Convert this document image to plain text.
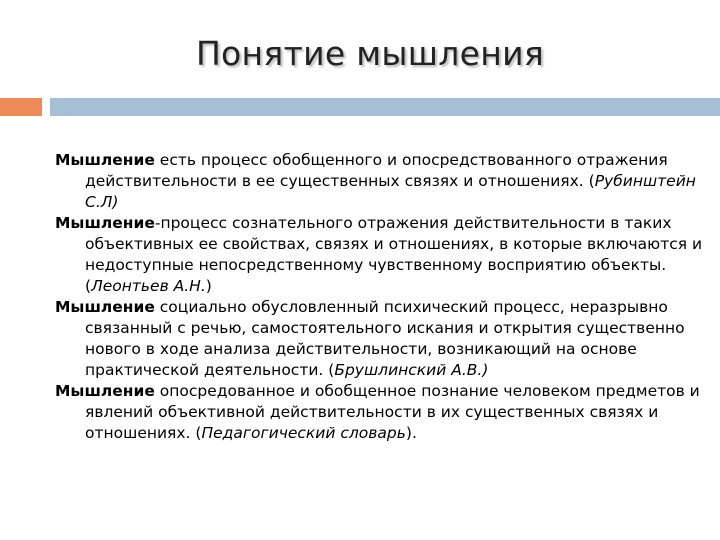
Понятие мышления

Мышление есть процесс обобщенного и опосредствованного отражения действительности в ее существенных связях и отношениях. (Рубинштейн С.Л)

Мышление-процесс сознательного отражения действительности в таких объективных ее свойствах, связях и отношениях, в которые включаются и недоступные непосредственному чувственному восприятию объекты. (Леонтьев А.Н.)

Мышление социально обусловленный психический процесс, неразрывно связанный с речью, самостоятельного искания и открытия существенно нового в ходе анализа действительности, возникающий на основе практической деятельности. (Брушлинский А.В.)

Мышление опосредованное и обобщенное познание человеком предметов и явлений объективной действительности в их существенных связях и отношениях. (Педагогический словарь).
